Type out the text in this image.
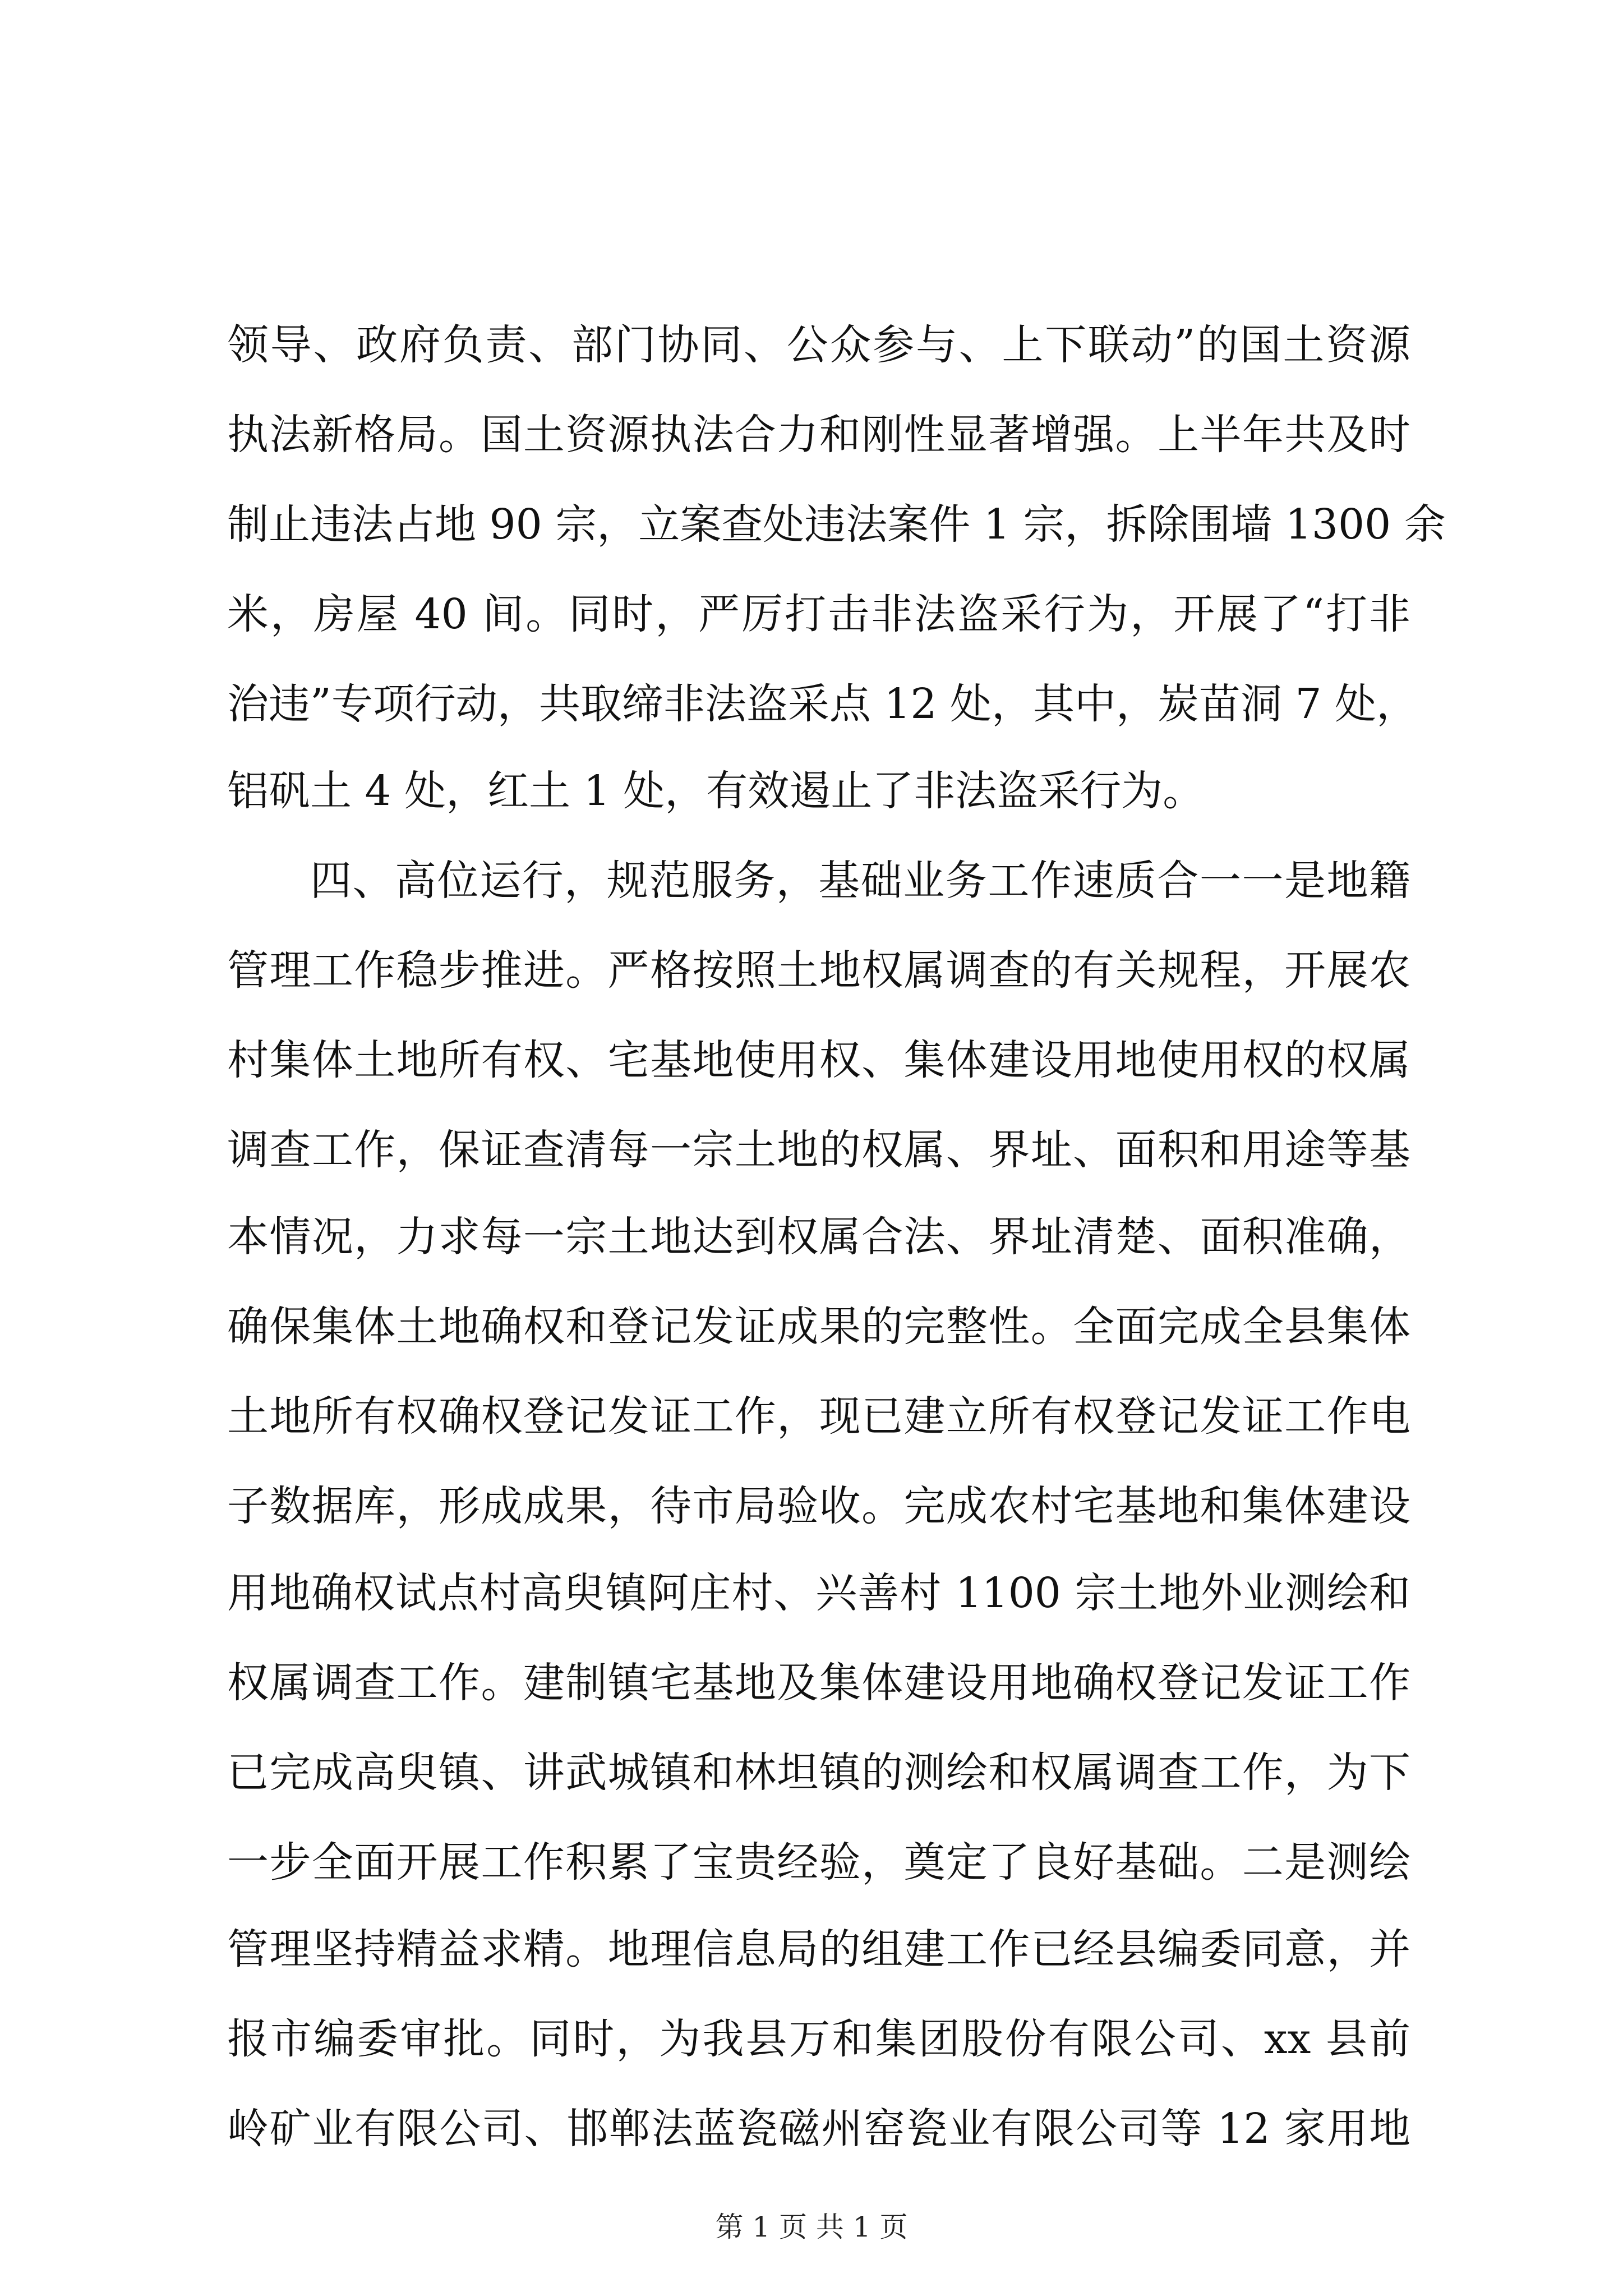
领导、政府负责、部门协同、公众参与、上下联动”的国土资源
执法新格局。国土资源执法合力和刚性显著增强。上半年共及时
制止违法占地 90 宗，立案查处违法案件 1 宗，拆除围墙 1300 余
米，房屋 40 间。同时，严厉打击非法盗采行为，开展了“打非
治违”专项行动，共取缔非法盗采点 12 处，其中，炭苗洞 7 处，
铝矾土 4 处，红土 1 处，有效遏止了非法盗采行为。
四、高位运行，规范服务，基础业务工作速质合一一是地籍
管理工作稳步推进。严格按照土地权属调查的有关规程，开展农
村集体土地所有权、宅基地使用权、集体建设用地使用权的权属
调查工作，保证查清每一宗土地的权属、界址、面积和用途等基
本情况，力求每一宗土地达到权属合法、界址清楚、面积准确，
确保集体土地确权和登记发证成果的完整性。全面完成全县集体
土地所有权确权登记发证工作，现已建立所有权登记发证工作电
子数据库，形成成果，待市局验收。完成农村宅基地和集体建设
用地确权试点村高臾镇阿庄村、兴善村 1100 宗土地外业测绘和
权属调查工作。建制镇宅基地及集体建设用地确权登记发证工作
已完成高臾镇、讲武城镇和林坦镇的测绘和权属调查工作，为下
一步全面开展工作积累了宝贵经验，奠定了良好基础。二是测绘
管理坚持精益求精。地理信息局的组建工作已经县编委同意，并
报市编委审批。同时，为我县万和集团股份有限公司、xx 县前
岭矿业有限公司、邯郸法蓝瓷磁州窑瓷业有限公司等 12 家用地
第 1 页 共 1 页
